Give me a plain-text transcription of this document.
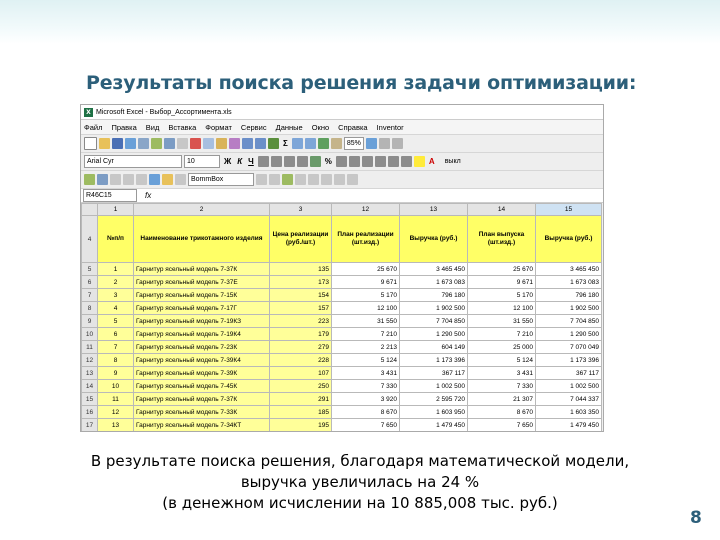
Результаты поиска решения задачи оптимизации:
X Microsoft Excel - Выбор_Ассортимента.xls
Файл Правка Вид Вставка Формат Сервис Данные Окно Справка Inventor
Σ	85%
Arial Cyr	10	Ж К Ч	%	A выкл
BommBox
R46C15	fx
	1	2	3	12	13	14	15
4	№п/п	Наименование трикотажного изделия	Цена реализации (руб./шт.)	План реализации (шт.изд.)	Выручка (руб.)	План выпуска (шт.изд.)	Выручка (руб.)
5	1	Гарнитур ясельный модель 7-37К	135	25 670	3 465 450	25 670	3 465 450
6	2	Гарнитур ясельный модель 7-37Е	173	9 671	1 673 083	9 671	1 673 083
7	3	Гарнитур ясельный модель 7-15К	154	5 170	796 180	5 170	796 180
8	4	Гарнитур ясельный модель 7-17Г	157	12 100	1 902 500	12 100	1 902 500
9	5	Гарнитур ясельный модель 7-19КЗ	223	31 550	7 704 850	31 550	7 704 850
10	6	Гарнитур ясельный модель 7-19К4	179	7 210	1 290 500	7 210	1 290 500
11	7	Гарнитур ясельный модель 7-23К	279	2 213	604 149	25 000	7 070 049
12	8	Гарнитур ясельный модель 7-39К4	228	5 124	1 173 396	5 124	1 173 396
13	9	Гарнитур ясельный модель 7-39К	107	3 431	367 117	3 431	367 117
14	10	Гарнитур ясельный модель 7-45К	250	7 330	1 002 500	7 330	1 002 500
15	11	Гарнитур ясельный модель 7-37К	291	3 920	2 595 720	21 307	7 044 337
16	12	Гарнитур ясельный модель 7-33К	185	8 670	1 603 950	8 670	1 603 350
17	13	Гарнитур ясельный модель 7-34КТ	195	7 650	1 479 450	7 650	1 479 450

В результате поиска решения, благодаря математической модели,
выручка увеличилась на 24 %
(в денежном исчислении на 10 885,008 тыс. руб.)
8
